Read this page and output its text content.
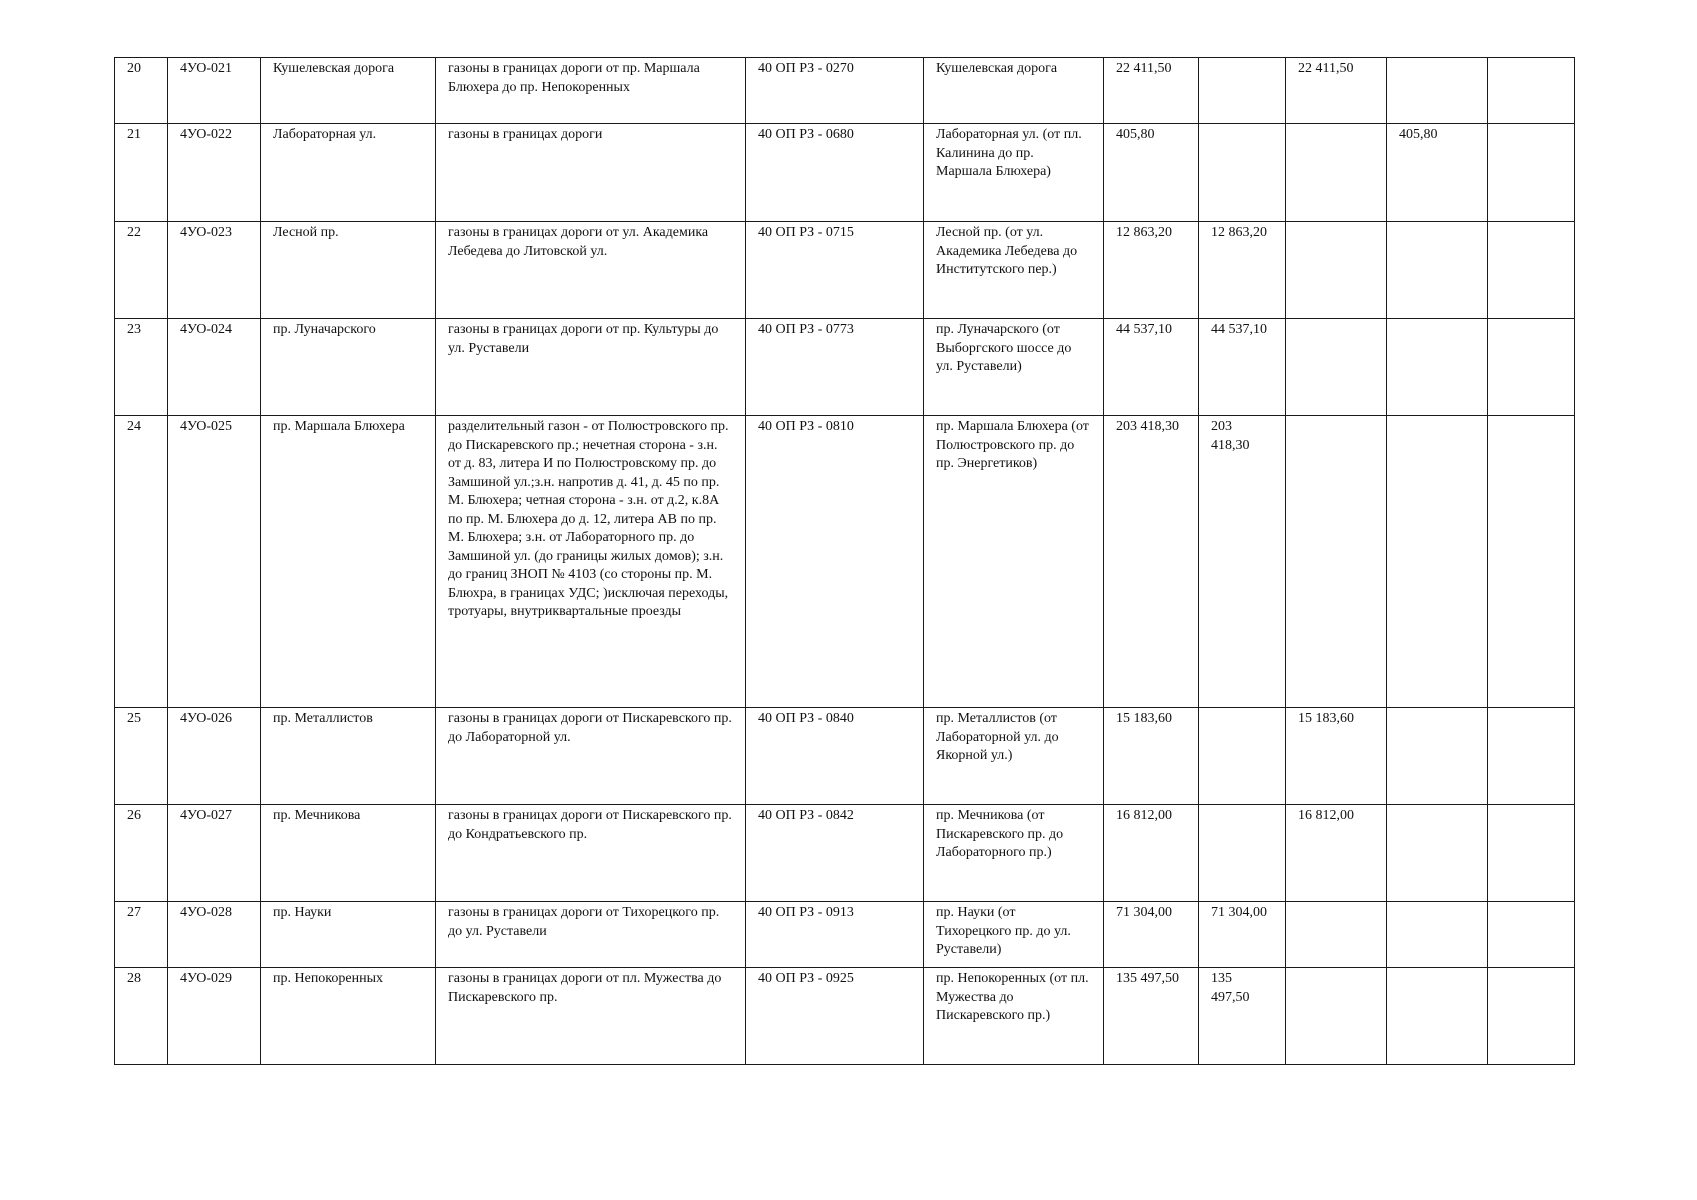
20	4УО-021	Кушелевская дорога	газоны в границах дороги от пр. Маршала Блюхера до пр. Непокоренных	40 ОП РЗ - 0270	Кушелевская дорога	22 411,50		22 411,50		
21	4УО-022	Лабораторная ул.	газоны в границах дороги	40 ОП РЗ - 0680	Лабораторная ул. (от пл. Калинина до пр. Маршала Блюхера)	405,80			405,80	
22	4УО-023	Лесной пр.	газоны в границах дороги от ул. Академика Лебедева до Литовской ул.	40 ОП РЗ - 0715	Лесной пр. (от ул. Академика Лебедева до Институтского пер.)	12 863,20	12 863,20			
23	4УО-024	пр. Луначарского	газоны в границах дороги от пр. Культуры до ул. Руставели	40 ОП РЗ - 0773	пр. Луначарского (от Выборгского шоссе до ул. Руставели)	44 537,10	44 537,10			
24	4УО-025	пр. Маршала Блюхера	разделительный газон - от Полюстровского пр. до Пискаревского пр.; нечетная сторона - з.н. от д. 83, литера И по Полюстровскому пр. до Замшиной ул.;з.н. напротив д. 41, д. 45 по пр. М. Блюхера; четная сторона - з.н. от д.2, к.8А по пр. М. Блюхера до д. 12, литера АВ по пр. М. Блюхера; з.н. от Лабораторного пр. до Замшиной ул. (до границы жилых домов); з.н. до границ ЗНОП № 4103 (со стороны пр. М. Блюхра, в границах УДС; )исключая переходы, тротуары, внутриквартальные проезды	40 ОП РЗ - 0810	пр. Маршала Блюхера (от Полюстровского пр. до пр. Энергетиков)	203 418,30	203 418,30			
25	4УО-026	пр. Металлистов	газоны в границах дороги от Пискаревского пр. до Лабораторной ул.	40 ОП РЗ - 0840	пр. Металлистов (от Лабораторной ул. до Якорной ул.)	15 183,60		15 183,60		
26	4УО-027	пр. Мечникова	газоны в границах дороги от Пискаревского пр. до Кондратьевского пр.	40 ОП РЗ - 0842	пр. Мечникова (от Пискаревского пр. до Лабораторного пр.)	16 812,00		16 812,00		
27	4УО-028	пр. Науки	газоны в границах дороги от Тихорецкого пр. до ул. Руставели	40 ОП РЗ - 0913	пр. Науки (от Тихорецкого пр. до ул. Руставели)	71 304,00	71 304,00			
28	4УО-029	пр. Непокоренных	газоны в границах дороги от пл. Мужества до Пискаревского пр.	40 ОП РЗ - 0925	пр. Непокоренных (от пл. Мужества до Пискаревского пр.)	135 497,50	135 497,50			
